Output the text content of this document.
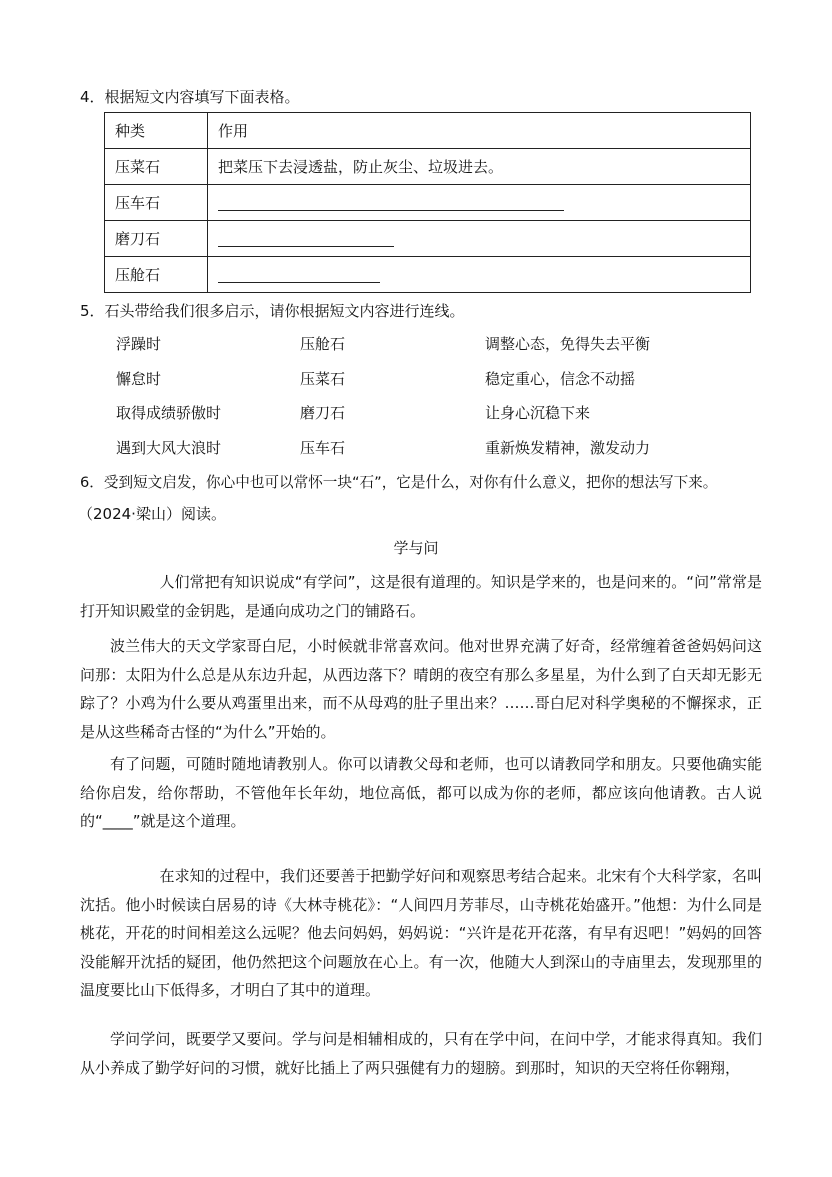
4．根据短文内容填写下面表格。
种类	作用
压菜石	把菜压下去浸透盐，防止灰尘、垃圾进去。
压车石	
磨刀石	
压舱石	
5．石头带给我们很多启示，请你根据短文内容进行连线。
浮躁时	压舱石	调整心态，免得失去平衡
懈怠时	压菜石	稳定重心，信念不动摇
取得成绩骄傲时	磨刀石	让身心沉稳下来
遇到大风大浪时	压车石	重新焕发精神，激发动力
6．受到短文启发，你心中也可以常怀一块“石”，它是什么，对你有什么意义，把你的想法写下来。
（2024·梁山）阅读。
学与问
人们常把有知识说成“有学问”，这是很有道理的。知识是学来的，也是问来的。“问”常常是打开知识殿堂的金钥匙，是通向成功之门的铺路石。
波兰伟大的天文学家哥白尼，小时候就非常喜欢问。他对世界充满了好奇，经常缠着爸爸妈妈问这问那：太阳为什么总是从东边升起，从西边落下？晴朗的夜空有那么多星星，为什么到了白天却无影无踪了？小鸡为什么要从鸡蛋里出来，而不从母鸡的肚子里出来？……哥白尼对科学奥秘的不懈探求，正是从这些稀奇古怪的“为什么”开始的。
有了问题，可随时随地请教别人。你可以请教父母和老师，也可以请教同学和朋友。只要他确实能给你启发，给你帮助，不管他年长年幼，地位高低，都可以成为你的老师，都应该向他请教。古人说的“____”就是这个道理。
在求知的过程中，我们还要善于把勤学好问和观察思考结合起来。北宋有个大科学家，名叫沈括。他小时候读白居易的诗《大林寺桃花》：“人间四月芳菲尽，山寺桃花始盛开。”他想：为什么同是桃花，开花的时间相差这么远呢？他去问妈妈，妈妈说：“兴许是花开花落，有早有迟吧！”妈妈的回答没能解开沈括的疑团，他仍然把这个问题放在心上。有一次，他随大人到深山的寺庙里去，发现那里的温度要比山下低得多，才明白了其中的道理。
学问学问，既要学又要问。学与问是相辅相成的，只有在学中问，在问中学，才能求得真知。我们从小养成了勤学好问的习惯，就好比插上了两只强健有力的翅膀。到那时，知识的天空将任你翱翔，
